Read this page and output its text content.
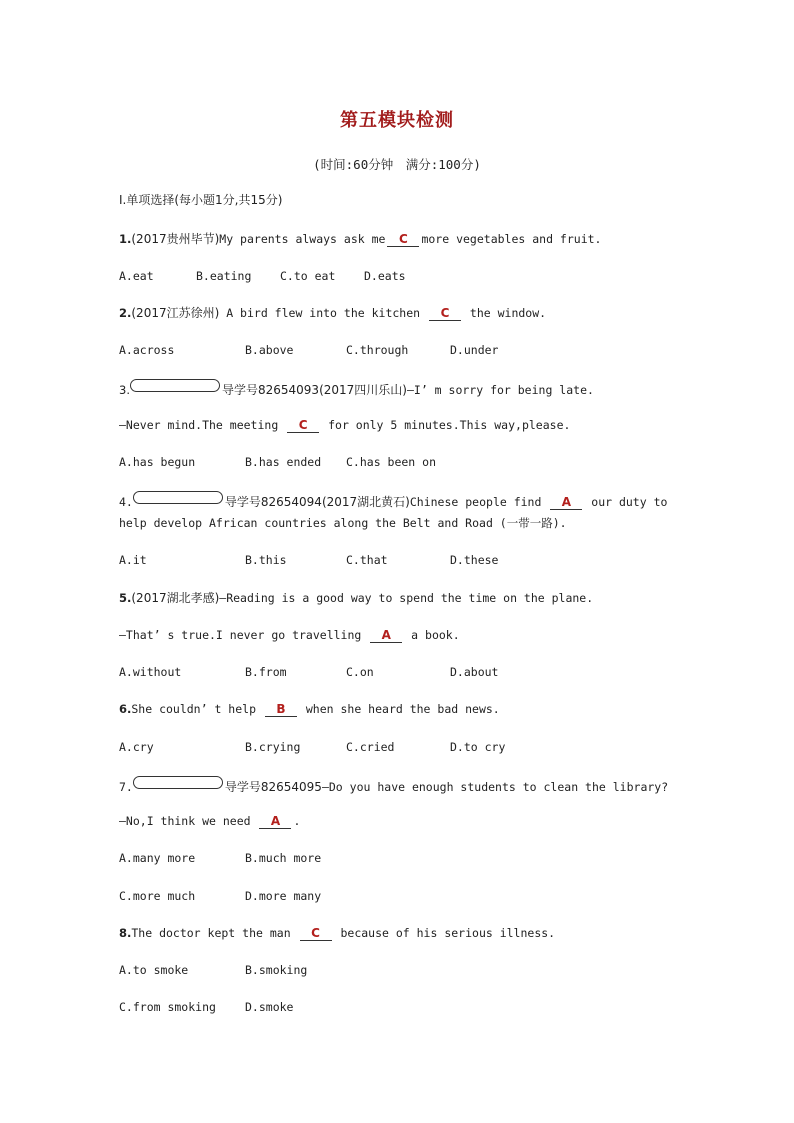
第五模块检测
(时间:60分钟　满分:100分)
Ⅰ.单项选择(每小题1分,共15分)
1.(2017贵州毕节)My parents always ask me C more vegetables and fruit.
A.eat	B.eating C.to eat D.eats
2.(2017江苏徐州) A bird flew into the kitchen C the window.
A.across	B.above	C.through	D.under
3.	导学号82654093(2017四川乐山)—I’ m sorry for being late.
—Never mind.The meeting C for only 5 minutes.This way,please.
A.has begun	B.has ended C.has been on
4.	导学号82654094(2017湖北黄石)Chinese people find A our duty to
help develop African countries along the Belt and Road (一带一路).
A.it	B.this	C.that	D.these
5.(2017湖北孝感)—Reading is a good way to spend the time on the plane.
—That’ s true.I never go travelling A a book.
A.without	B.from	C.on	D.about
6.She couldn’ t help B when she heard the bad news.
A.cry	B.crying	C.cried	D.to cry
7.	导学号82654095—Do you have enough students to clean the library?
—No,I think we need A .
A.many more	B.much more
C.more much	D.more many
8.The doctor kept the man C because of his serious illness.
A.to smoke	B.smoking
C.from smoking	D.smoke
